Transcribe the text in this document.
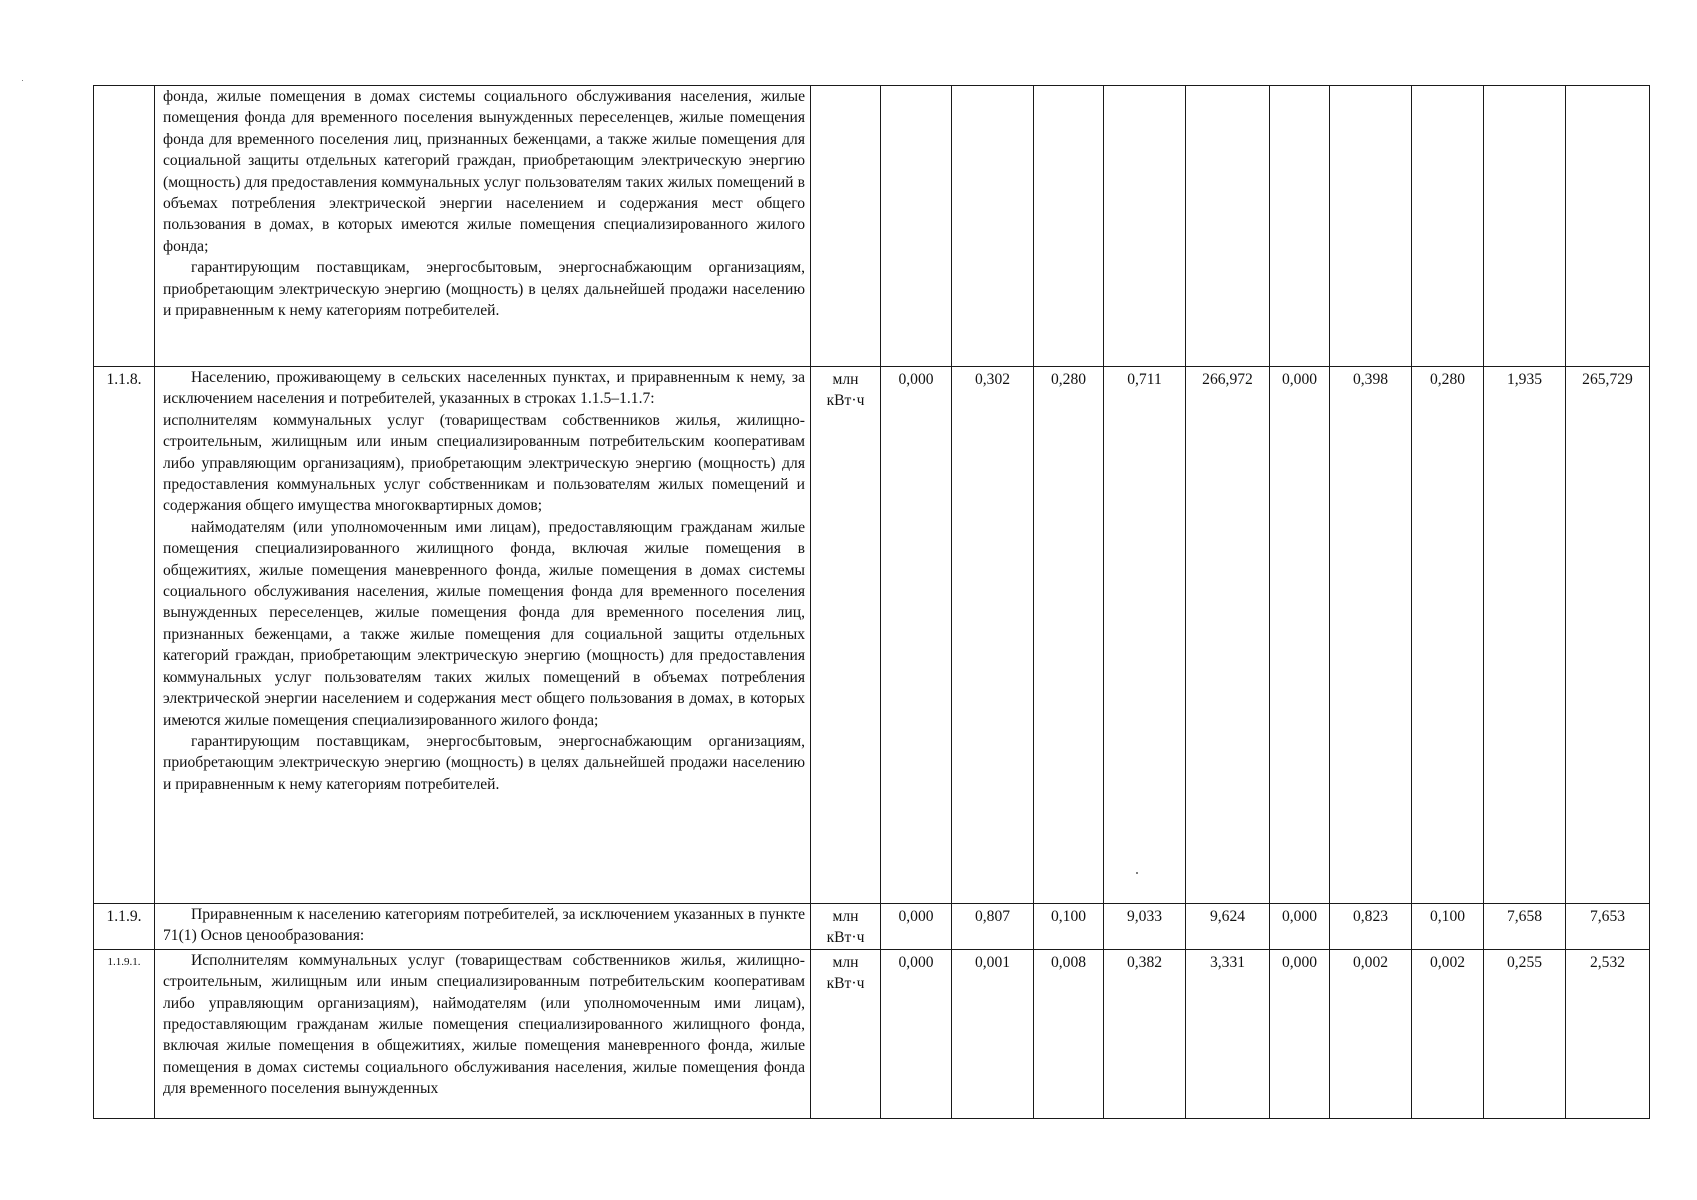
	фонда, жилые помещения в домах системы социального обслуживания населения, жилые помещения фонда для временного поселения вынужденных переселенцев, жилые помещения фонда для временного поселения лиц, признанных беженцами, а также жилые помещения для социальной защиты отдельных категорий граждан, приобретающим электрическую энергию (мощность) для предоставления коммунальных услуг пользователям таких жилых помещений в объемах потребления электрической энергии населением и содержания мест общего пользования в домах, в которых имеются жилые помещения специализированного жилого фонда;

гарантирующим поставщикам, энергосбытовым, энергоснабжающим организациям, приобретающим электрическую энергию (мощность) в целях дальнейшей продажи населению и приравненным к нему категориям потребителей.											

1.1.8.	Населению, проживающему в сельских населенных пунктах, и приравненным к нему, за исключением населения и потребителей, указанных в строках 1.1.5–1.1.7:

исполнителям коммунальных услуг (товариществам собственников жилья, жилищно-строительным, жилищным или иным специализированным потребительским кооперативам либо управляющим организациям), приобретающим электрическую энергию (мощность) для предоставления коммунальных услуг собственникам и пользователям жилых помещений и содержания общего имущества многоквартирных домов;

наймодателям (или уполномоченным ими лицам), предоставляющим гражданам жилые помещения специализированного жилищного фонда, включая жилые помещения в общежитиях, жилые помещения маневренного фонда, жилые помещения в домах системы социального обслуживания населения, жилые помещения фонда для временного поселения вынужденных переселенцев, жилые помещения фонда для временного поселения лиц, признанных беженцами, а также жилые помещения для социальной защиты отдельных категорий граждан, приобретающим электрическую энергию (мощность) для предоставления коммунальных услуг пользователям таких жилых помещений в объемах потребления электрической энергии населением и содержания мест общего пользования в домах, в которых имеются жилые помещения специализированного жилого фонда;

гарантирующим поставщикам, энергосбытовым, энергоснабжающим организациям, приобретающим электрическую энергию (мощность) в целях дальнейшей продажи населению и приравненным к нему категориям потребителей.	млн кВт·ч	0,000	0,302	0,280	0,711	266,972	0,000	0,398	0,280	1,935	265,729
1.1.9.	Приравненным к населению категориям потребителей, за исключением указанных в пункте 71(1) Основ ценообразования:	млн кВт·ч	0,000	0,807	0,100	9,033	9,624	0,000	0,823	0,100	7,658	7,653
1.1.9.1.	Исполнителям коммунальных услуг (товариществам собственников жилья, жилищно-строительным, жилищным или иным специализированным потребительским кооперативам либо управляющим организациям), наймодателям (или уполномоченным ими лицам), предоставляющим гражданам жилые помещения специализированного жилищного фонда, включая жилые помещения в общежитиях, жилые помещения маневренного фонда, жилые помещения в домах системы социального обслуживания населения, жилые помещения фонда для временного поселения вынужденных	млн кВт·ч	0,000	0,001	0,008	0,382	3,331	0,000	0,002	0,002	0,255	2,532
